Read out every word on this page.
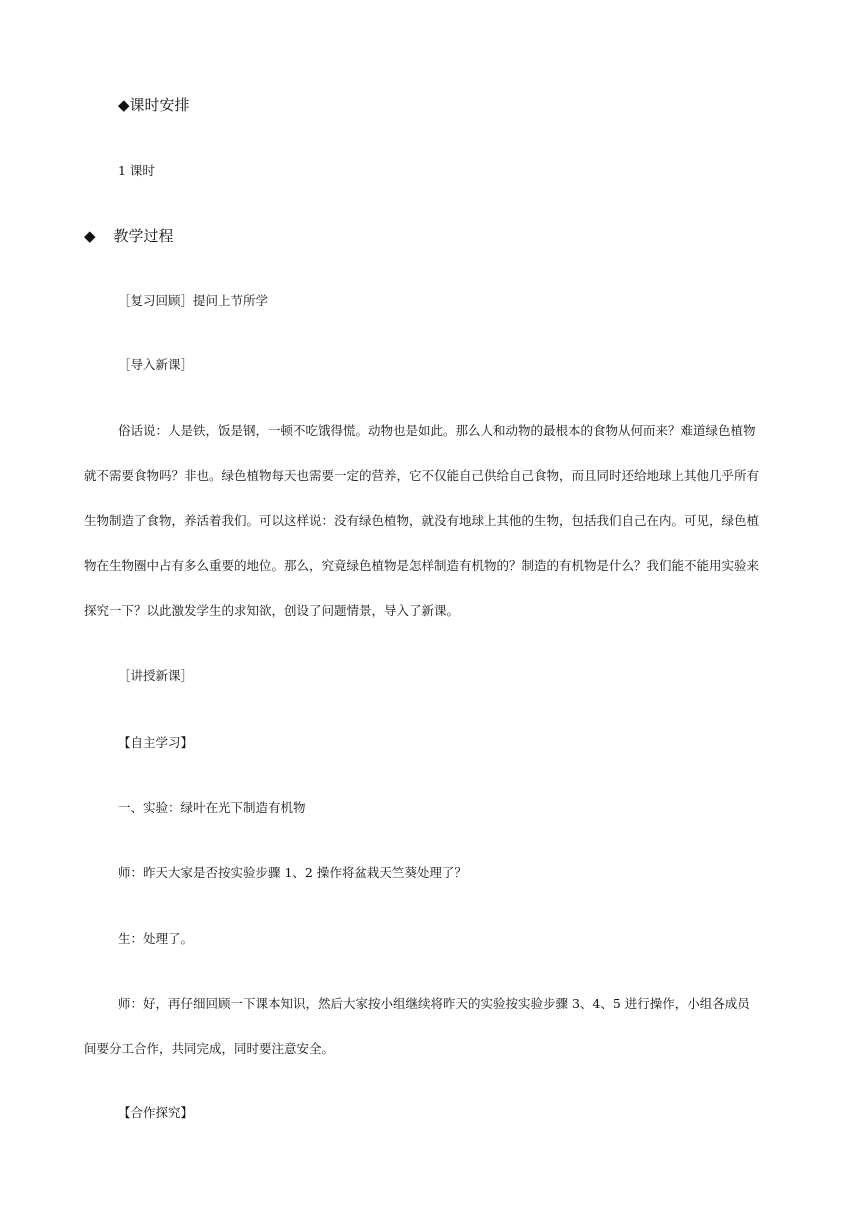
◆课时安排

1 课时

◆ 教学过程

［复习回顾］提问上节所学

［导入新课］

俗话说：人是铁，饭是钢，一顿不吃饿得慌。动物也是如此。那么人和动物的最根本的食物从何而来？难道绿色植物

就不需要食物吗？非也。绿色植物每天也需要一定的营养，它不仅能自己供给自己食物，而且同时还给地球上其他几乎所有

生物制造了食物，养活着我们。可以这样说：没有绿色植物，就没有地球上其他的生物，包括我们自己在内。可见，绿色植

物在生物圈中占有多么重要的地位。那么，究竟绿色植物是怎样制造有机物的？制造的有机物是什么？我们能不能用实验来

探究一下？以此激发学生的求知欲，创设了问题情景，导入了新课。

［讲授新课］

【自主学习】

一、实验：绿叶在光下制造有机物

师：昨天大家是否按实验步骤 1、2 操作将盆栽天竺葵处理了？

生：处理了。

师：好，再仔细回顾一下课本知识，然后大家按小组继续将昨天的实验按实验步骤 3、4、5 进行操作，小组各成员

间要分工合作，共同完成，同时要注意安全。

【合作探究】
